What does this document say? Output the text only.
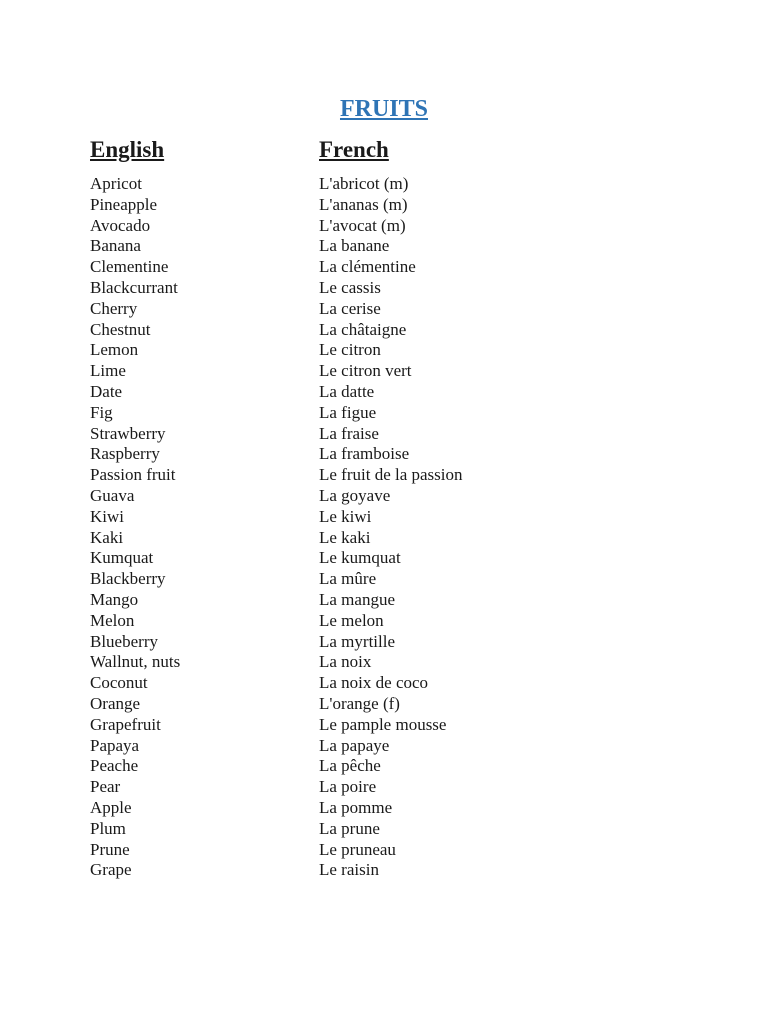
FRUITS
English	French
Apricot	L'abricot (m)
Pineapple	L'ananas (m)
Avocado	L'avocat (m)
Banana	La banane
Clementine	La clémentine
Blackcurrant	Le cassis
Cherry	La cerise
Chestnut	La châtaigne
Lemon	Le citron
Lime	Le citron vert
Date	La datte
Fig	La figue
Strawberry	La fraise
Raspberry	La framboise
Passion fruit	Le fruit de la passion
Guava	La goyave
Kiwi	Le kiwi
Kaki	Le kaki
Kumquat	Le kumquat
Blackberry	La mûre
Mango	La mangue
Melon	Le melon
Blueberry	La myrtille
Wallnut, nuts	La noix
Coconut	La noix de coco
Orange	L'orange (f)
Grapefruit	Le pample mousse
Papaya	La papaye
Peache	La pêche
Pear	La poire
Apple	La pomme
Plum	La prune
Prune	Le pruneau
Grape	Le raisin
